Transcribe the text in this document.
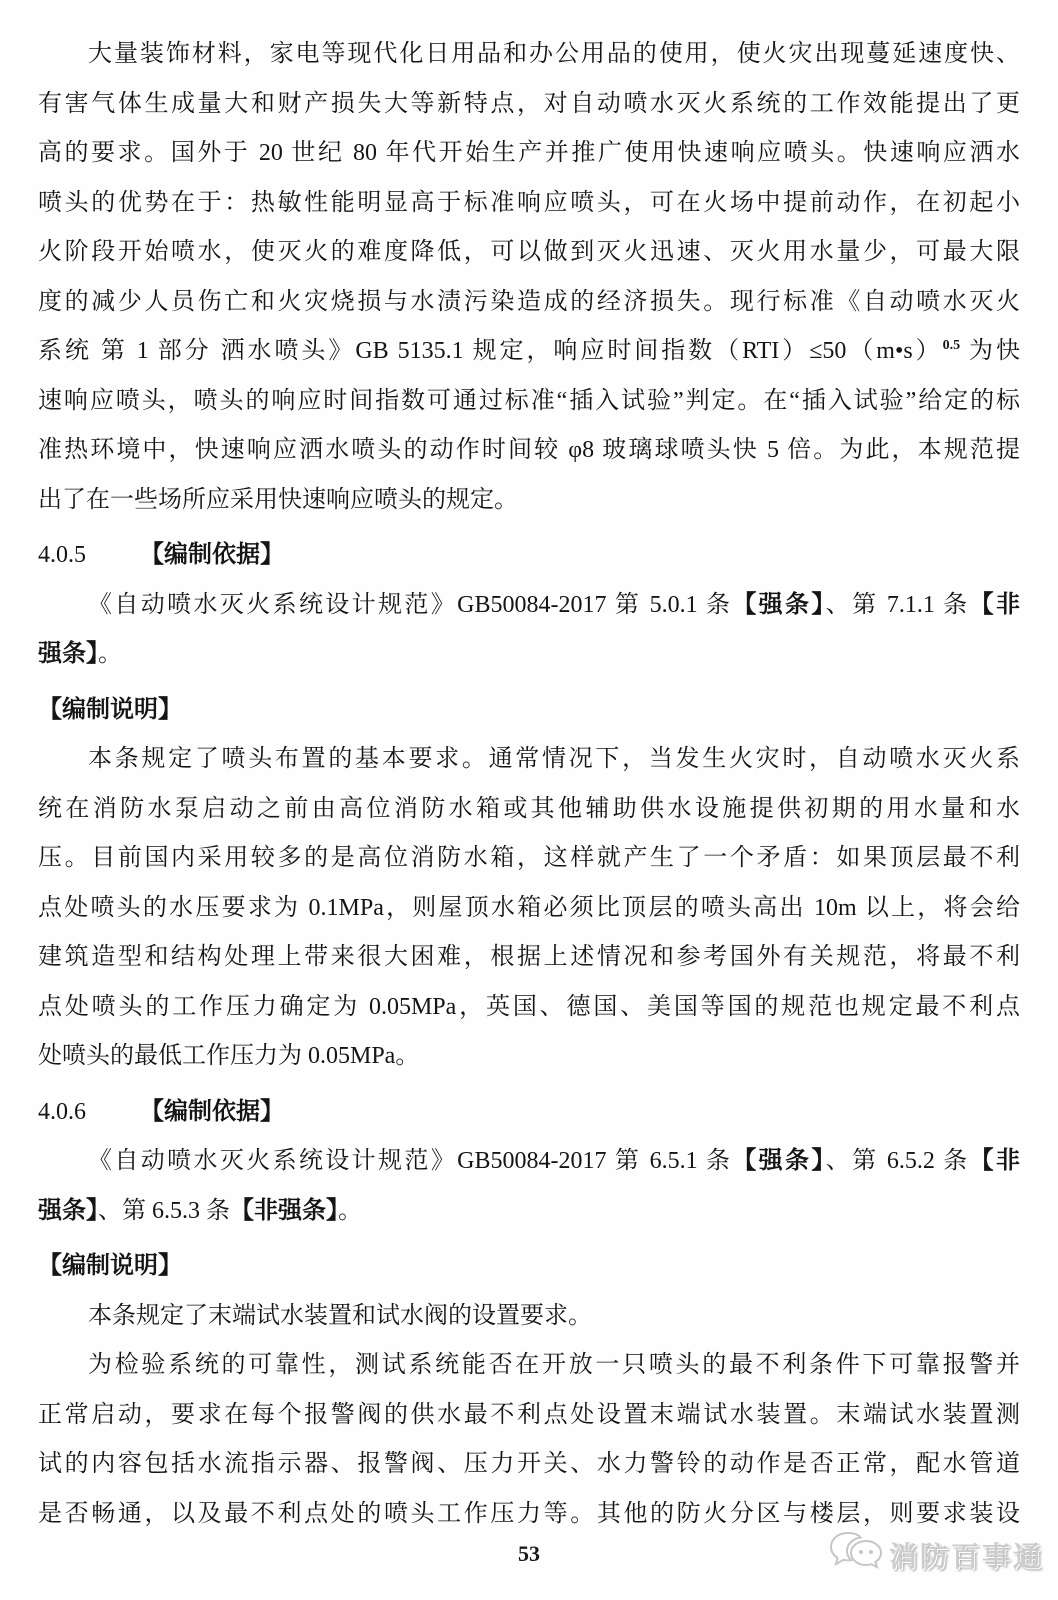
大量装饰材料，家电等现代化日用品和办公用品的使用，使火灾出现蔓延速度快、
有害气体生成量大和财产损失大等新特点，对自动喷水灭火系统的工作效能提出了更
高的要求。国外于 20 世纪 80 年代开始生产并推广使用快速响应喷头。快速响应洒水
喷头的优势在于：热敏性能明显高于标准响应喷头，可在火场中提前动作，在初起小
火阶段开始喷水，使灭火的难度降低，可以做到灭火迅速、灭火用水量少，可最大限
度的减少人员伤亡和火灾烧损与水渍污染造成的经济损失。现行标准《自动喷水灭火
系统 第 1 部分 洒水喷头》GB 5135.1 规定，响应时间指数（RTI）≤50（m•s）$^{0.5}$ 为快
速响应喷头，喷头的响应时间指数可通过标准“插入试验”判定。在“插入试验”给定的标
准热环境中，快速响应洒水喷头的动作时间较 φ8 玻璃球喷头快 5 倍。为此，本规范提
出了在一些场所应采用快速响应喷头的规定。
4.0.5 【编制依据】
《自动喷水灭火系统设计规范》GB50084-2017 第 5.0.1 条【强条】、第 7.1.1 条【非
强条】。
【编制说明】
本条规定了喷头布置的基本要求。通常情况下，当发生火灾时，自动喷水灭火系
统在消防水泵启动之前由高位消防水箱或其他辅助供水设施提供初期的用水量和水
压。目前国内采用较多的是高位消防水箱，这样就产生了一个矛盾：如果顶层最不利
点处喷头的水压要求为 0.1MPa，则屋顶水箱必须比顶层的喷头高出 10m 以上，将会给
建筑造型和结构处理上带来很大困难，根据上述情况和参考国外有关规范，将最不利
点处喷头的工作压力确定为 0.05MPa，英国、德国、美国等国的规范也规定最不利点
处喷头的最低工作压力为 0.05MPa。
4.0.6 【编制依据】
《自动喷水灭火系统设计规范》GB50084-2017 第 6.5.1 条【强条】、第 6.5.2 条【非
强条】、第 6.5.3 条【非强条】。
【编制说明】
本条规定了末端试水装置和试水阀的设置要求。
为检验系统的可靠性，测试系统能否在开放一只喷头的最不利条件下可靠报警并
正常启动，要求在每个报警阀的供水最不利点处设置末端试水装置。末端试水装置测
试的内容包括水流指示器、报警阀、压力开关、水力警铃的动作是否正常，配水管道
是否畅通，以及最不利点处的喷头工作压力等。其他的防火分区与楼层，则要求装设
消防百事通
53
